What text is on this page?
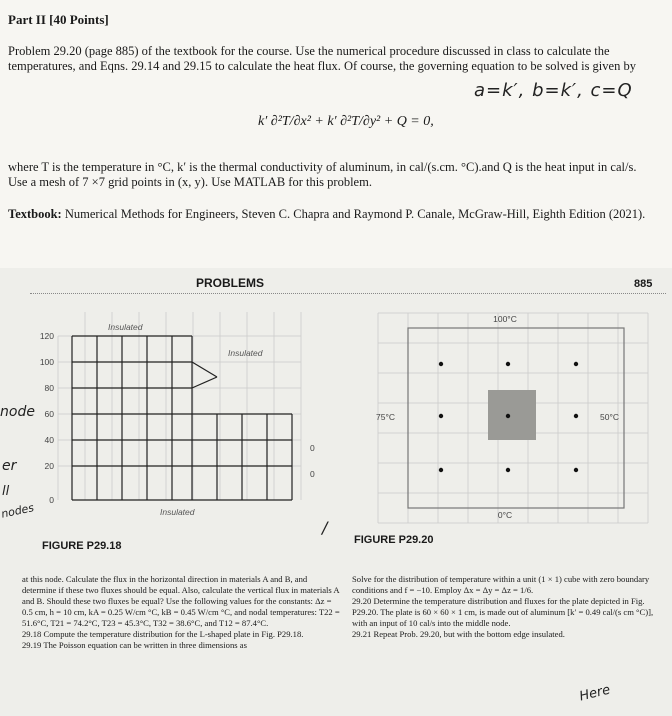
Part II [40 Points]
Problem 29.20 (page 885) of the textbook for the course. Use the numerical procedure discussed in class to calculate the temperatures, and Eqns. 29.14 and 29.15 to calculate the heat flux. Of course, the governing equation to be solved is given by
a=k′, b=k′, c=Q
k′ ∂²T/∂x² + k′ ∂²T/∂y² + Q = 0,
where T is the temperature in °C, k′ is the thermal conductivity of aluminum, in cal/(s.cm. °C).and Q is the heat input in cal/s. Use a mesh of 7 ×7 grid points in (x, y). Use MATLAB for this problem.
Textbook: Numerical Methods for Engineers, Steven C. Chapra and Raymond P. Canale, McGraw-Hill, Eighth Edition (2021).
PROBLEMS	885
120
100
80
60
40
20
0
Insulated
Insulated
Insulated
0
0
FIGURE P29.18
100°C
75°C	50°C
0°C
FIGURE P29.20
at this node. Calculate the flux in the horizontal direction in materials A and B, and determine if these two fluxes should be equal. Also, calculate the vertical flux in materials A and B. Should these two fluxes be equal? Use the following values for the constants: Δz = 0.5 cm, h = 10 cm, kA = 0.25 W/cm °C, kB = 0.45 W/cm °C, and nodal temperatures: T22 = 51.6°C, T21 = 74.2°C, T23 = 45.3°C, T32 = 38.6°C, and T12 = 87.4°C.
29.18 Compute the temperature distribution for the L-shaped plate in Fig. P29.18.
29.19 The Poisson equation can be written in three dimensions as
Solve for the distribution of temperature within a unit (1 × 1) cube with zero boundary conditions and f = −10. Employ Δx = Δy = Δz = 1/6.
29.20 Determine the temperature distribution and fluxes for the plate depicted in Fig. P29.20. The plate is 60 × 60 × 1 cm, is made out of aluminum [k′ = 0.49 cal/(s cm °C)], with an input of 10 cal/s into the middle node.
29.21 Repeat Prob. 29.20, but with the bottom edge insulated.
node
er
ll
nodes
/
Here
